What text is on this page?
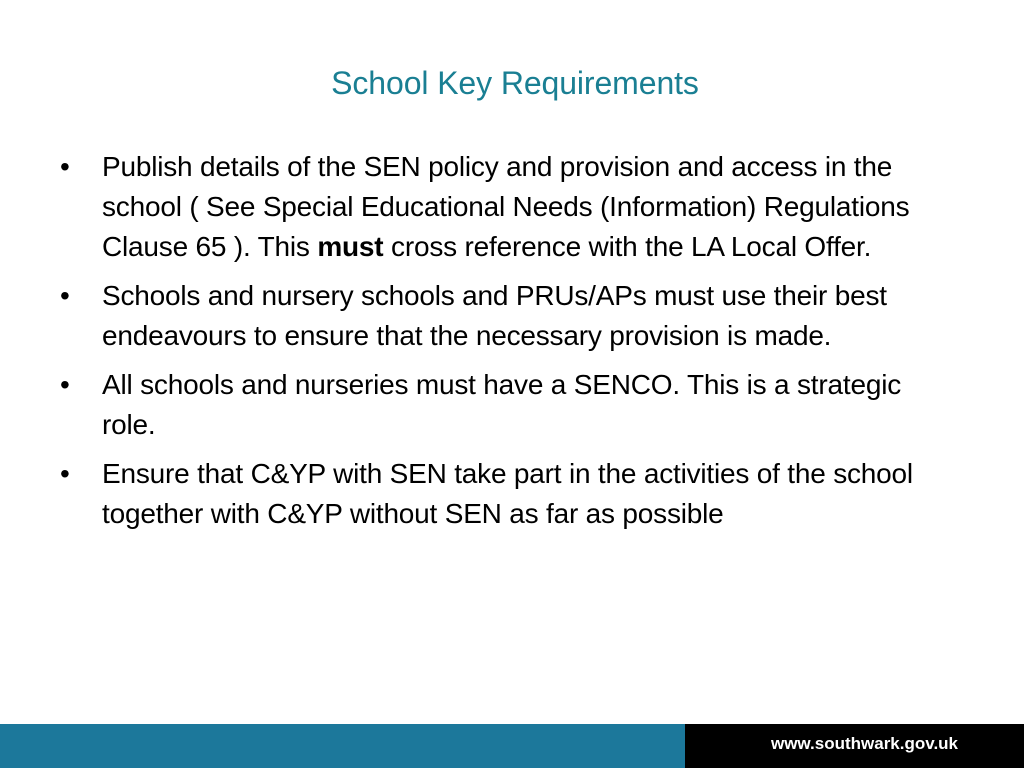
School Key Requirements
• Publish details of the SEN policy and provision and access in the school ( See Special Educational Needs (Information) Regulations Clause 65 ). This must cross reference with the LA Local Offer.
• Schools and nursery schools and PRUs/APs must use their best endeavours to ensure that the necessary provision is made.
• All schools and nurseries must have a SENCO. This is a strategic role.
• Ensure that C&YP with SEN take part in the activities of the school together with C&YP without SEN as far as possible
www.southwark.gov.uk
